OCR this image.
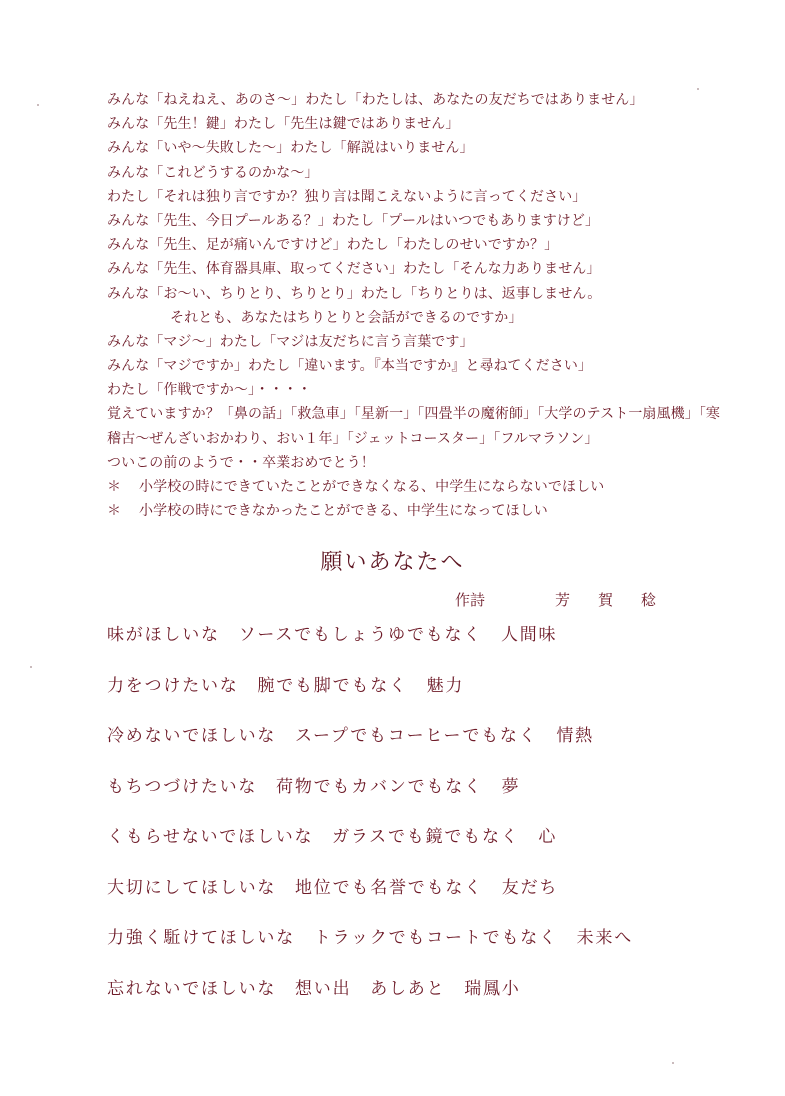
みんな「ねえねえ、あのさ～」わたし「わたしは、あなたの友だちではありません」
みんな「先生！鍵」わたし「先生は鍵ではありません」
みんな「いや～失敗した～」わたし「解説はいりません」
みんな「これどうするのかな～」
わたし「それは独り言ですか？独り言は聞こえないように言ってください」
みんな「先生、今日プールある？」わたし「プールはいつでもありますけど」
みんな「先生、足が痛いんですけど」わたし「わたしのせいですか？」
みんな「先生、体育器具庫、取ってください」わたし「そんな力ありません」
みんな「お～い、ちりとり、ちりとり」わたし「ちりとりは、返事しません。
それとも、あなたはちりとりと会話ができるのですか」
みんな「マジ～」わたし「マジは友だちに言う言葉です」
みんな「マジですか」わたし「違います。『本当ですか』と尋ねてください」
わたし「作戦ですか～」・・・・
覚えていますか？「鼻の話」「救急車」「星新一」「四畳半の魔術師」「大学のテスト一扇風機」「寒稽古～ぜんざいおかわり、おい１年」「ジェットコースター」「フルマラソン」
ついこの前のようで・・卒業おめでとう！
＊	小学校の時にできていたことができなくなる、中学生にならないでほしい
＊	小学校の時にできなかったことができる、中学生になってほしい
願いあなたへ
作詩	芳賀稔
味がほしいな　ソースでもしょうゆでもなく　人間味
力をつけたいな　腕でも脚でもなく　魅力
冷めないでほしいな　スープでもコーヒーでもなく　情熱
もちつづけたいな　荷物でもカバンでもなく　夢
くもらせないでほしいな　ガラスでも鏡でもなく　心
大切にしてほしいな　地位でも名誉でもなく　友だち
力強く駈けてほしいな　トラックでもコートでもなく　未来へ
忘れないでほしいな　想い出　あしあと　瑞鳳小
